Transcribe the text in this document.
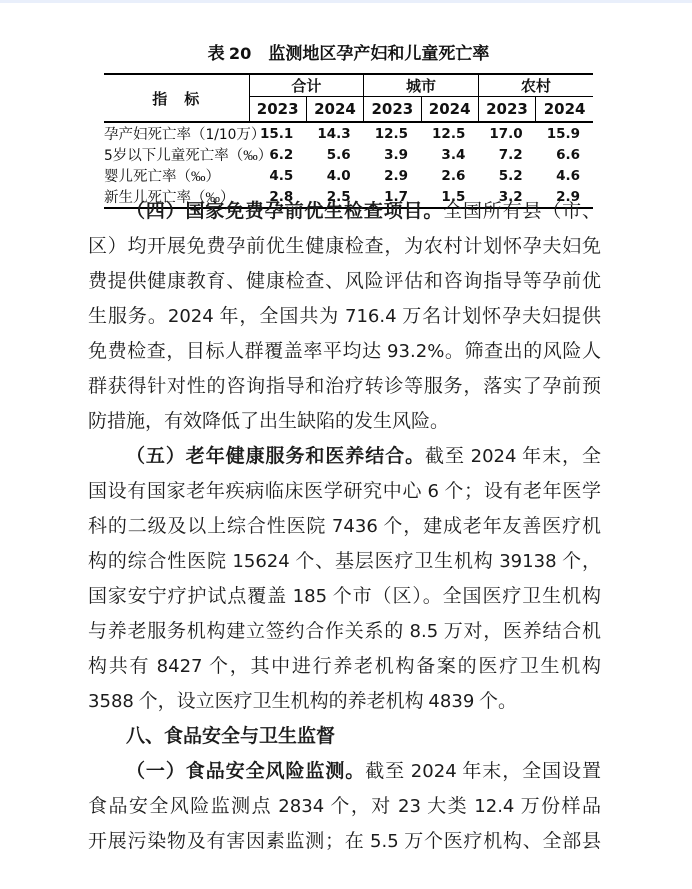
表 20　监测地区孕产妇和儿童死亡率
指　标	合计		城市		农村	
	2023	2024	2023	2024	2023	2024
孕产妇死亡率（1/10万）	15.1	14.3	12.5	12.5	17.0	15.9
5岁以下儿童死亡率（‰）	6.2	5.6	3.9	3.4	7.2	6.6
婴儿死亡率（‰）	4.5	4.0	2.9	2.6	5.2	4.6
新生儿死亡率（‰）	2.8	2.5	1.7	1.5	3.2	2.9
（四）国家免费孕前优生检查项目。全国所有县（市、
区）均开展免费孕前优生健康检查，为农村计划怀孕夫妇免
费提供健康教育、健康检查、风险评估和咨询指导等孕前优
生服务。2024 年，全国共为 716.4 万名计划怀孕夫妇提供
免费检查，目标人群覆盖率平均达 93.2%。筛查出的风险人
群获得针对性的咨询指导和治疗转诊等服务，落实了孕前预
防措施，有效降低了出生缺陷的发生风险。
（五）老年健康服务和医养结合。截至 2024 年末，全
国设有国家老年疾病临床医学研究中心 6 个；设有老年医学
科的二级及以上综合性医院 7436 个，建成老年友善医疗机
构的综合性医院 15624 个、基层医疗卫生机构 39138 个，
国家安宁疗护试点覆盖 185 个市（区）。全国医疗卫生机构
与养老服务机构建立签约合作关系的 8.5 万对，医养结合机
构共有 8427 个，其中进行养老机构备案的医疗卫生机构
3588 个，设立医疗卫生机构的养老机构 4839 个。
八、食品安全与卫生监督
（一）食品安全风险监测。截至 2024 年末，全国设置
食品安全风险监测点 2834 个，对 23 大类 12.4 万份样品
开展污染物及有害因素监测；在 5.5 万个医疗机构、全部县
